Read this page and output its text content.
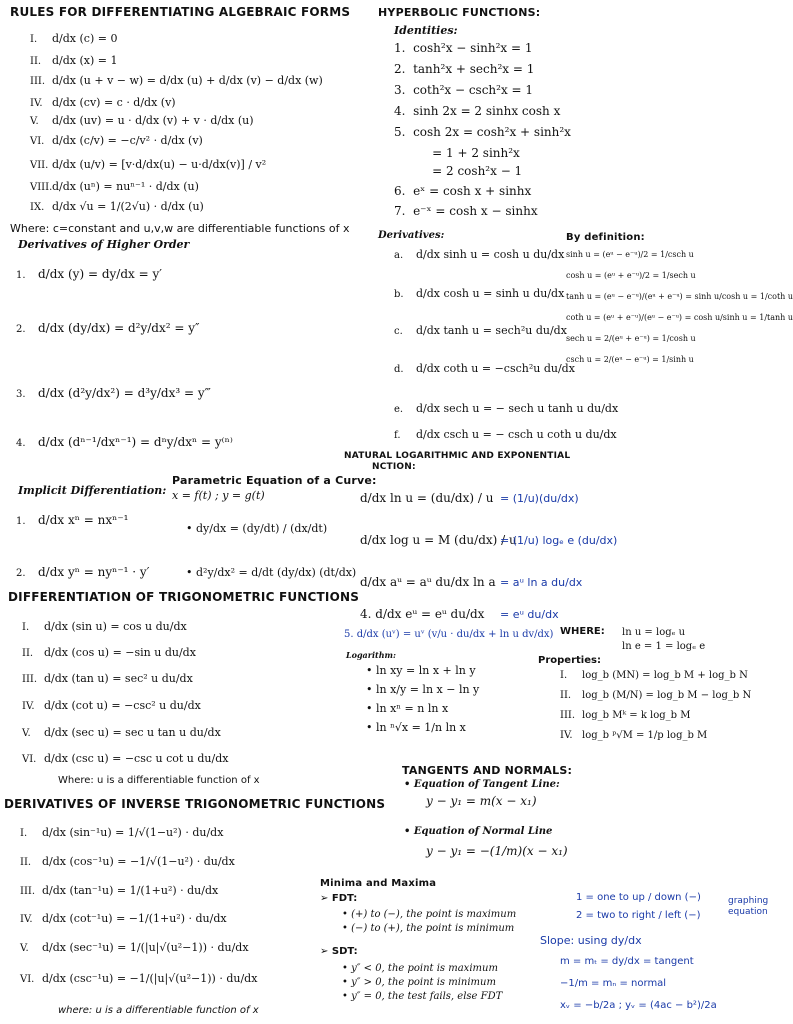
RULES FOR DIFFERENTIATING ALGEBRAIC FORMS
I. d/dx (c) = 0
II. d/dx (x) = 1
III. d/dx (u + v − w) = d/dx (u) + d/dx (v) − d/dx (w)
IV. d/dx (cv) = c · d/dx (v)
V. d/dx (uv) = u · d/dx (v) + v · d/dx (u)
VI. d/dx (c/v) = −c/v² · d/dx (v)
VII. d/dx (u/v) = [v·d/dx(u) − u·d/dx(v)] / v²
VIII.d/dx (uⁿ) = nuⁿ⁻¹ · d/dx (u)
IX. d/dx √u = 1/(2√u) · d/dx (u)
Where: c=constant and u,v,w are differentiable functions of x
Derivatives of Higher Order
1. d/dx (y) = dy/dx = y′
2. d/dx (dy/dx) = d²y/dx² = y″
3. d/dx (d²y/dx²) = d³y/dx³ = y‴
4. d/dx (dⁿ⁻¹/dxⁿ⁻¹) = dⁿy/dxⁿ = y⁽ⁿ⁾
Implicit Differentiation:
1. d/dx xⁿ = nxⁿ⁻¹
2. d/dx yⁿ = nyⁿ⁻¹ · y′
Parametric Equation of a Curve:
x = f(t) ; y = g(t)
• dy/dx = (dy/dt) / (dx/dt)
• d²y/dx² = d/dt (dy/dx) (dt/dx)
DIFFERENTIATION OF TRIGONOMETRIC FUNCTIONS
I. d/dx (sin u) = cos u du/dx
II. d/dx (cos u) = −sin u du/dx
III. d/dx (tan u) = sec² u du/dx
IV. d/dx (cot u) = −csc² u du/dx
V. d/dx (sec u) = sec u tan u du/dx
VI. d/dx (csc u) = −csc u cot u du/dx
Where: u is a differentiable function of x
DERIVATIVES OF INVERSE TRIGONOMETRIC FUNCTIONS
I. d/dx (sin⁻¹u) = 1/√(1−u²) · du/dx
II. d/dx (cos⁻¹u) = −1/√(1−u²) · du/dx
III. d/dx (tan⁻¹u) = 1/(1+u²) · du/dx
IV. d/dx (cot⁻¹u) = −1/(1+u²) · du/dx
V. d/dx (sec⁻¹u) = 1/(|u|√(u²−1)) · du/dx
VI. d/dx (csc⁻¹u) = −1/(|u|√(u²−1)) · du/dx
where: u is a differentiable function of x
HYPERBOLIC FUNCTIONS:
Identities:
1.  cosh²x − sinh²x = 1
2.  tanh²x + sech²x = 1
3.  coth²x − csch²x = 1
4.  sinh 2x = 2 sinhx cosh x
5.  cosh 2x = cosh²x + sinh²x
= 1 + 2 sinh²x
= 2 cosh²x − 1
6.  eˣ = cosh x + sinhx
7.  e⁻ˣ = cosh x − sinhx
Derivatives:
a. d/dx sinh u = cosh u du/dx
b. d/dx cosh u = sinh u du/dx
c. d/dx tanh u = sech²u du/dx
d. d/dx coth u = −csch²u du/dx
e. d/dx sech u = − sech u tanh u du/dx
f. d/dx csch u = − csch u coth u du/dx
By definition:
sinh u = (eᵘ − e⁻ᵘ)/2 = 1/csch u
cosh u = (eᵘ + e⁻ᵘ)/2 = 1/sech u
tanh u = (eᵘ − e⁻ᵘ)/(eᵘ + e⁻ᵘ) = sinh u/cosh u = 1/coth u
coth u = (eᵘ + e⁻ᵘ)/(eᵘ − e⁻ᵘ) = cosh u/sinh u = 1/tanh u
sech u = 2/(eᵘ + e⁻ᵘ) = 1/cosh u
csch u = 2/(eᵘ − e⁻ᵘ) = 1/sinh u
NATURAL LOGARITHMIC AND EXPONENTIAL
NCTION:
d/dx ln u = (du/dx) / u = (1/u)(du/dx)
d/dx log u = M (du/dx) / u
= (1/u) logₑ e (du/dx)
d/dx aᵘ = aᵘ du/dx ln a = aᵘ ln a du/dx
4. d/dx eᵘ = eᵘ du/dx = eᵘ du/dx
5. d/dx (uᵛ) = uᵛ (v/u · du/dx + ln u dv/dx)
Logarithm:
• ln xy = ln x + ln y
• ln x/y = ln x − ln y
• ln xⁿ = n ln x
• ln ⁿ√x = 1/n ln x
WHERE: ln u = logₑ u
ln e = 1 = logₑ e
Properties:
I. log_b (MN) = log_b M + log_b N
II. log_b (M/N) = log_b M − log_b N
III. log_b Mᵏ = k log_b M
IV. log_b ᵖ√M = 1/p log_b M
TANGENTS AND NORMALS:
• Equation of Tangent Line:
y − y₁ = m(x − x₁)
• Equation of Normal Line
y − y₁ = −(1/m)(x − x₁)
Minima and Maxima
➢ FDT:
• (+) to (−), the point is maximum
• (−) to (+), the point is minimum
➢ SDT:
• y″ < 0, the point is maximum
• y″ > 0, the point is minimum
• y″ = 0, the test fails, else FDT
1 = one to up / down (−)
2 = two to right / left (−)
graphing equation
Slope: using dy/dx
m = mₜ = dy/dx = tangent
−1/m = mₙ = normal
xᵥ = −b/2a ; yᵥ = (4ac − b²)/2a
